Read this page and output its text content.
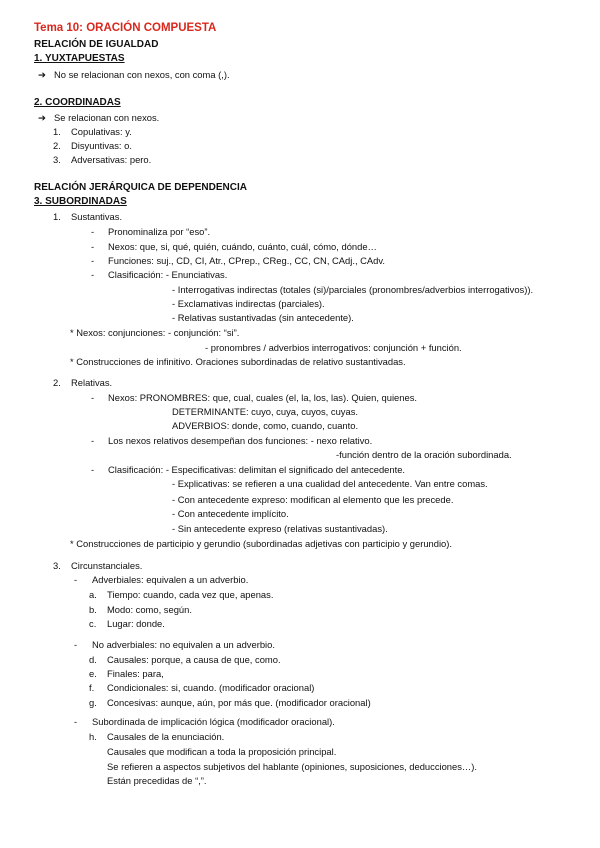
Tema 10: ORACIÓN COMPUESTA
RELACIÓN DE IGUALDAD
1. YUXTAPUESTAS
➔ No se relacionan con nexos, con coma (,).
2. COORDINADAS
➔ Se relacionan con nexos.
1. Copulativas: y.
2. Disyuntivas: o.
3. Adversativas: pero.
RELACIÓN JERÁRQUICA DE DEPENDENCIA
3. SUBORDINADAS
1. Sustantivas.
- Pronominaliza por “eso”.
- Nexos: que, si, qué, quién, cuándo, cuánto, cuál, cómo, dónde…
- Funciones: suj., CD, CI, Atr., CPrep., CReg., CC, CN, CAdj., CAdv.
- Clasificación: - Enunciativas.
- Interrogativas indirectas (totales (si)/parciales (pronombres/adverbios interrogativos)).
- Exclamativas indirectas (parciales).
- Relativas sustantivadas (sin antecedente).
* Nexos: conjunciones: - conjunción: “si”.
- pronombres / adverbios interrogativos: conjunción + función.
* Construcciones de infinitivo. Oraciones subordinadas de relativo sustantivadas.
2. Relativas.
- Nexos: PRONOMBRES: que, cual, cuales (el, la, los, las). Quien, quienes.
DETERMINANTE: cuyo, cuya, cuyos, cuyas.
ADVERBIOS: donde, como, cuando, cuanto.
- Los nexos relativos desempeñan dos funciones: - nexo relativo.
-función dentro de la oración subordinada.
- Clasificación: - Especificativas: delimitan el significado del antecedente.
- Explicativas: se refieren a una cualidad del antecedente. Van entre comas.
- Con antecedente expreso: modifican al elemento que les precede.
- Con antecedente implícito.
- Sin antecedente expreso (relativas sustantivadas).
* Construcciones de participio y gerundio (subordinadas adjetivas con participio y gerundio).
3. Circunstanciales.
- Adverbiales: equivalen a un adverbio.
a. Tiempo: cuando, cada vez que, apenas.
b. Modo: como, según.
c. Lugar: donde.
- No adverbiales: no equivalen a un adverbio.
d. Causales: porque, a causa de que, como.
e. Finales: para,
f. Condicionales: si, cuando. (modificador oracional)
g. Concesivas: aunque, aún, por más que. (modificador oracional)
- Subordinada de implicación lógica (modificador oracional).
h. Causales de la enunciación.
Causales que modifican a toda la proposición principal.
Se refieren a aspectos subjetivos del hablante (opiniones, suposiciones, deducciones…).
Están precedidas de “,”.
